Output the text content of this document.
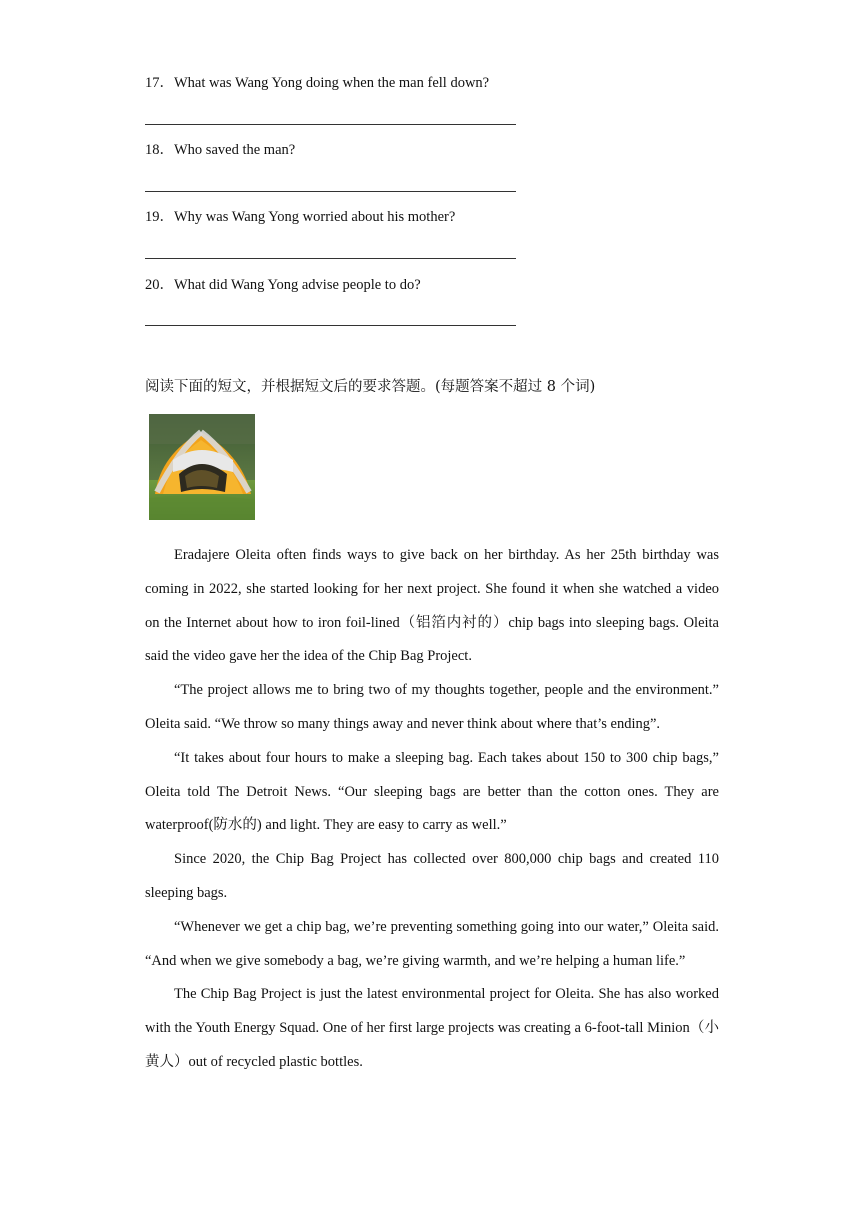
17．What was Wang Yong doing when the man fell down?
18．Who saved the man?
19．Why was Wang Yong worried about his mother?
20．What did Wang Yong advise people to do?
阅读下面的短文，并根据短文后的要求答题。(每题答案不超过 8 个词)

Eradajere Oleita often finds ways to give back on her birthday. As her 25th birthday was coming in 2022, she started looking for her next project. She found it when she watched a video on the Internet about how to iron foil-lined（铝箔内衬的）chip bags into sleeping bags. Oleita said the video gave her the idea of the Chip Bag Project.

“The project allows me to bring two of my thoughts together, people and the environment.” Oleita said. “We throw so many things away and never think about where that’s ending”.

“It takes about four hours to make a sleeping bag. Each takes about 150 to 300 chip bags,” Oleita told The Detroit News. “Our sleeping bags are better than the cotton ones. They are waterproof(防水的) and light. They are easy to carry as well.”

Since 2020, the Chip Bag Project has collected over 800,000 chip bags and created 110 sleeping bags.

“Whenever we get a chip bag, we’re preventing something going into our water,” Oleita said. “And when we give somebody a bag, we’re giving warmth, and we’re helping a human life.”

The Chip Bag Project is just the latest environmental project for Oleita. She has also worked with the Youth Energy Squad. One of her first large projects was creating a 6-foot-tall Minion（小黄人）out of recycled plastic bottles.
